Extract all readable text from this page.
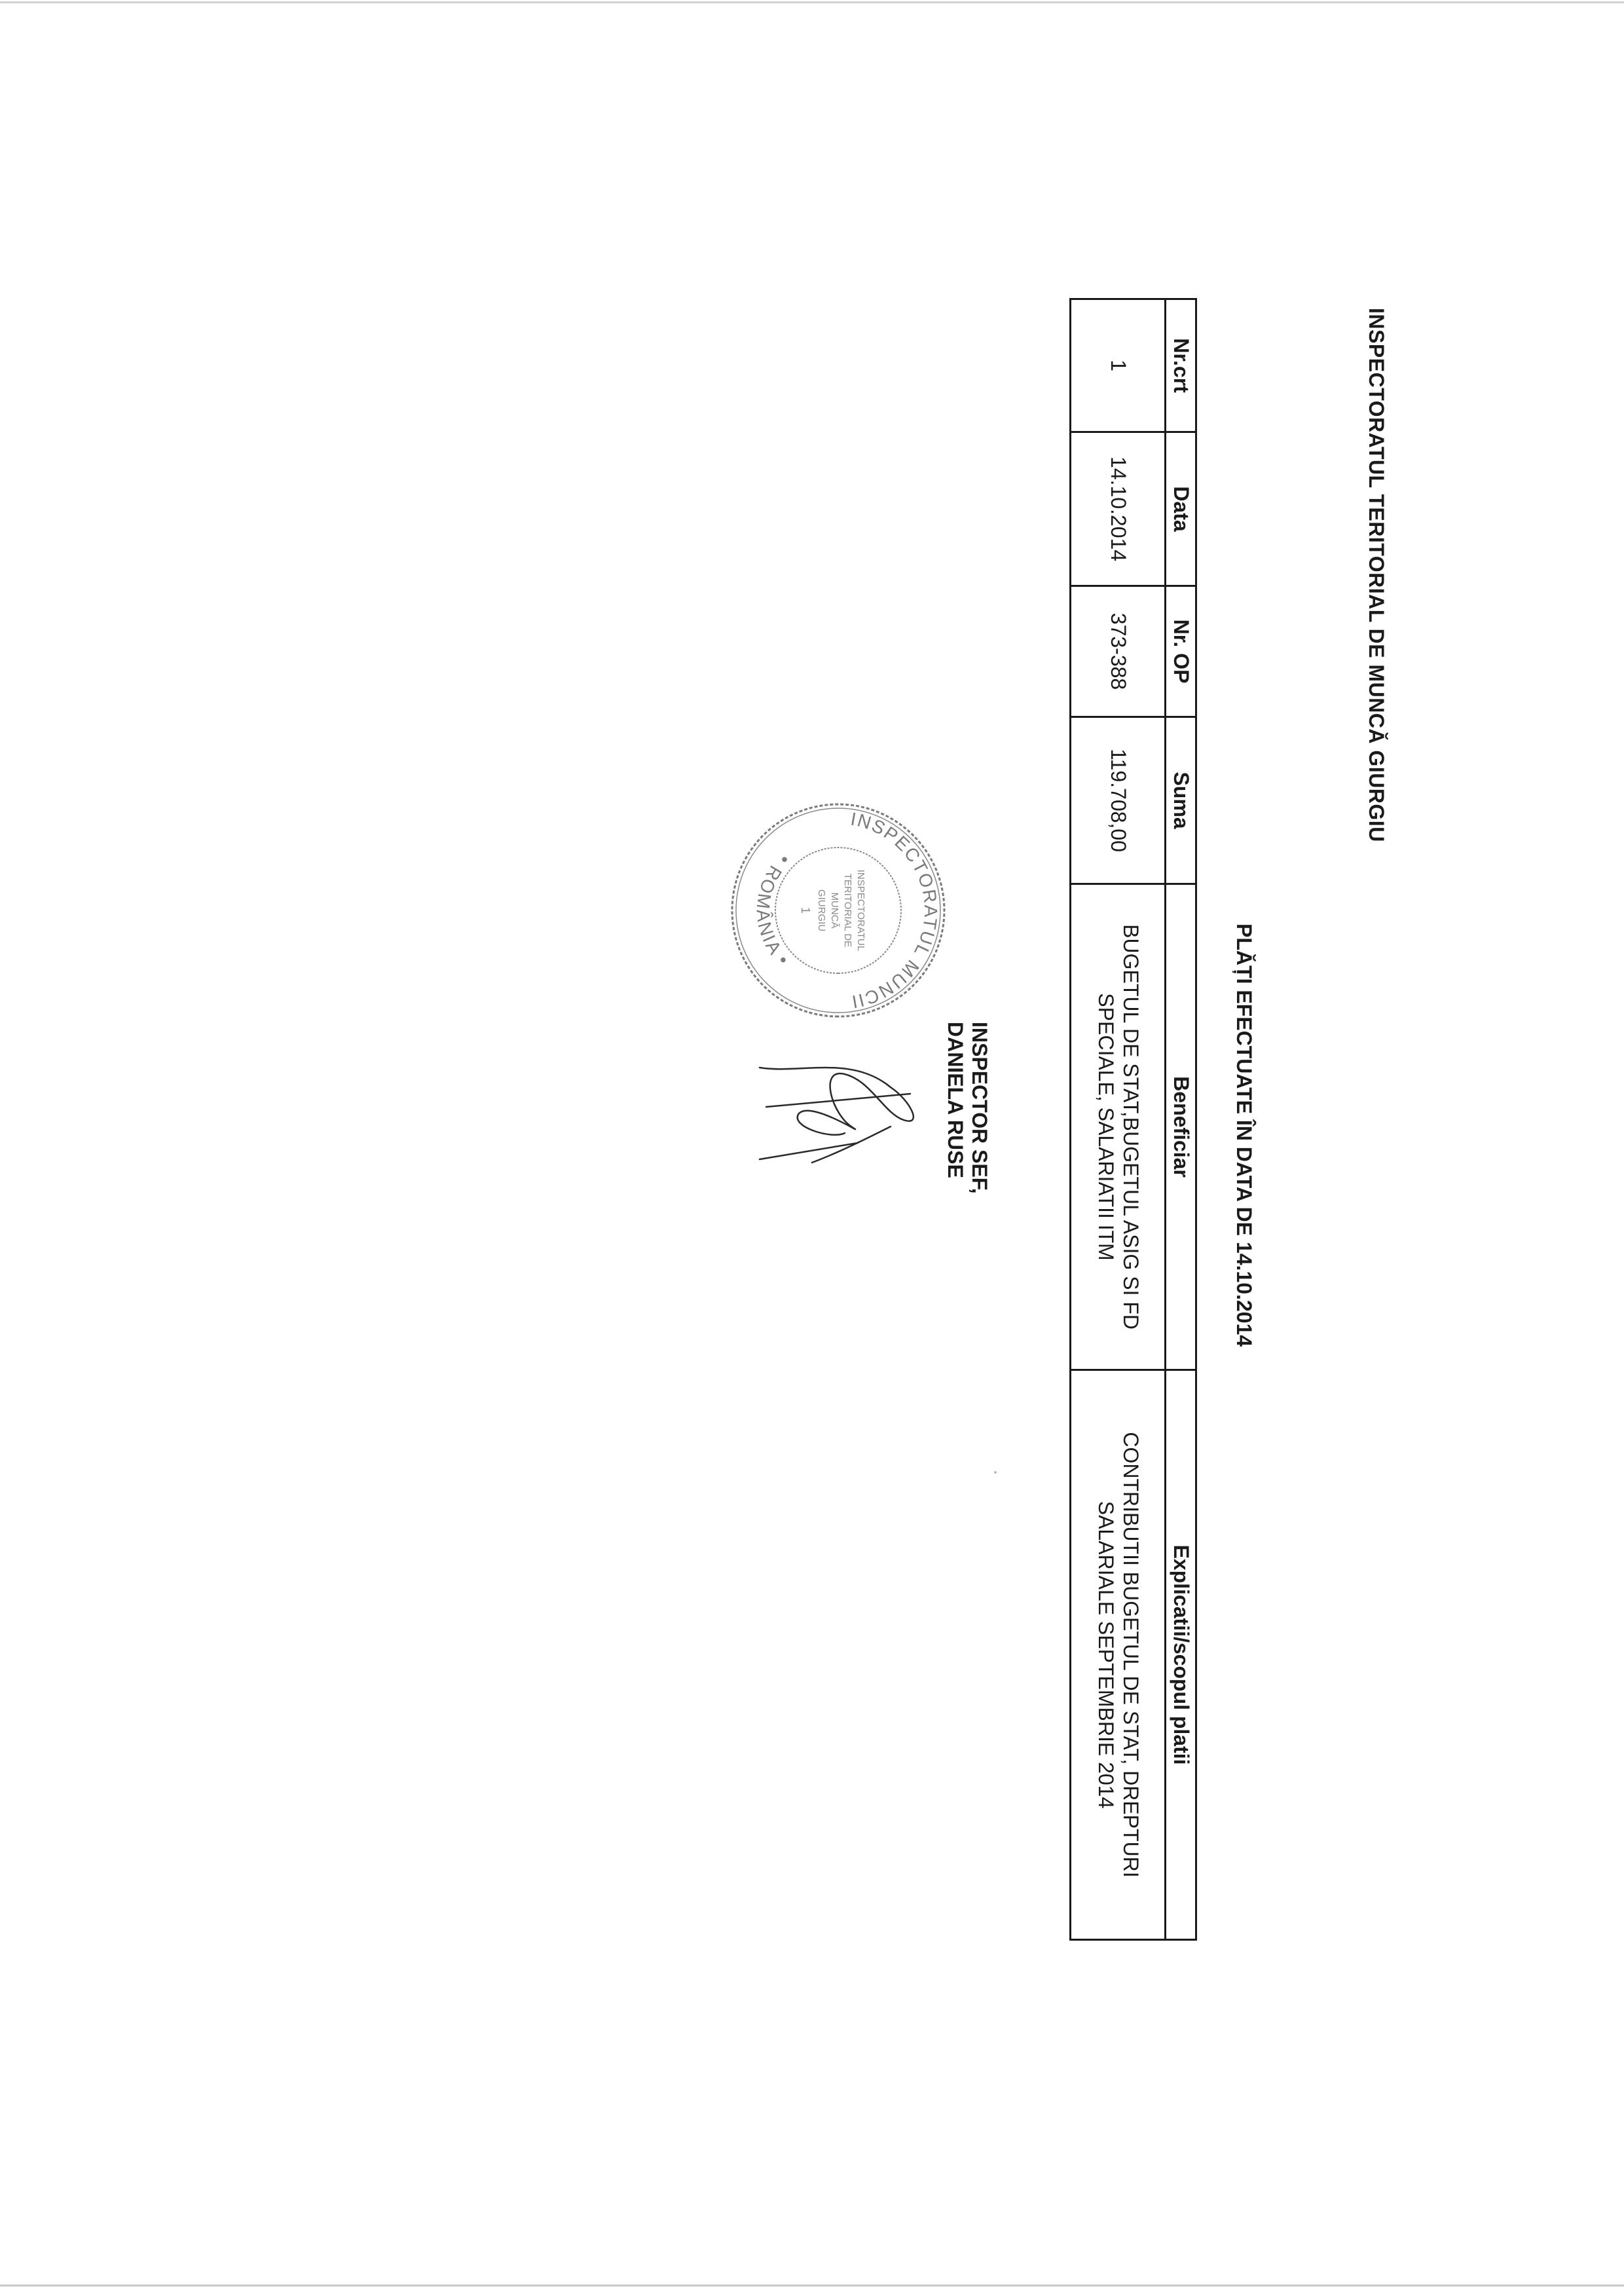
INSPECTORATUL TERITORIAL DE MUNCĂ GIURGIU
PLĂȚI EFECTUATE ÎN DATA DE 14.10.2014
Nr.crt	Data	Nr. OP	Suma	Beneficiar	Explicatii/scopul platii
1	14.10.2014	373-388	119.708,00	BUGETUL DE STAT,BUGETUL ASIG SI FD SPECIALE, SALARIATII ITM	CONTRIBUTII BUGETUL DE STAT, DREPTURI SALARIALE SEPTEMBRIE 2014
INSPECTOR SEF,
DANIELA RUSE
INSPECTORATUL MUNCII
• ROMÂNIA •
INSPECTORATUL
TERITORIAL DE
MUNCĂ
GIURGIU
1
